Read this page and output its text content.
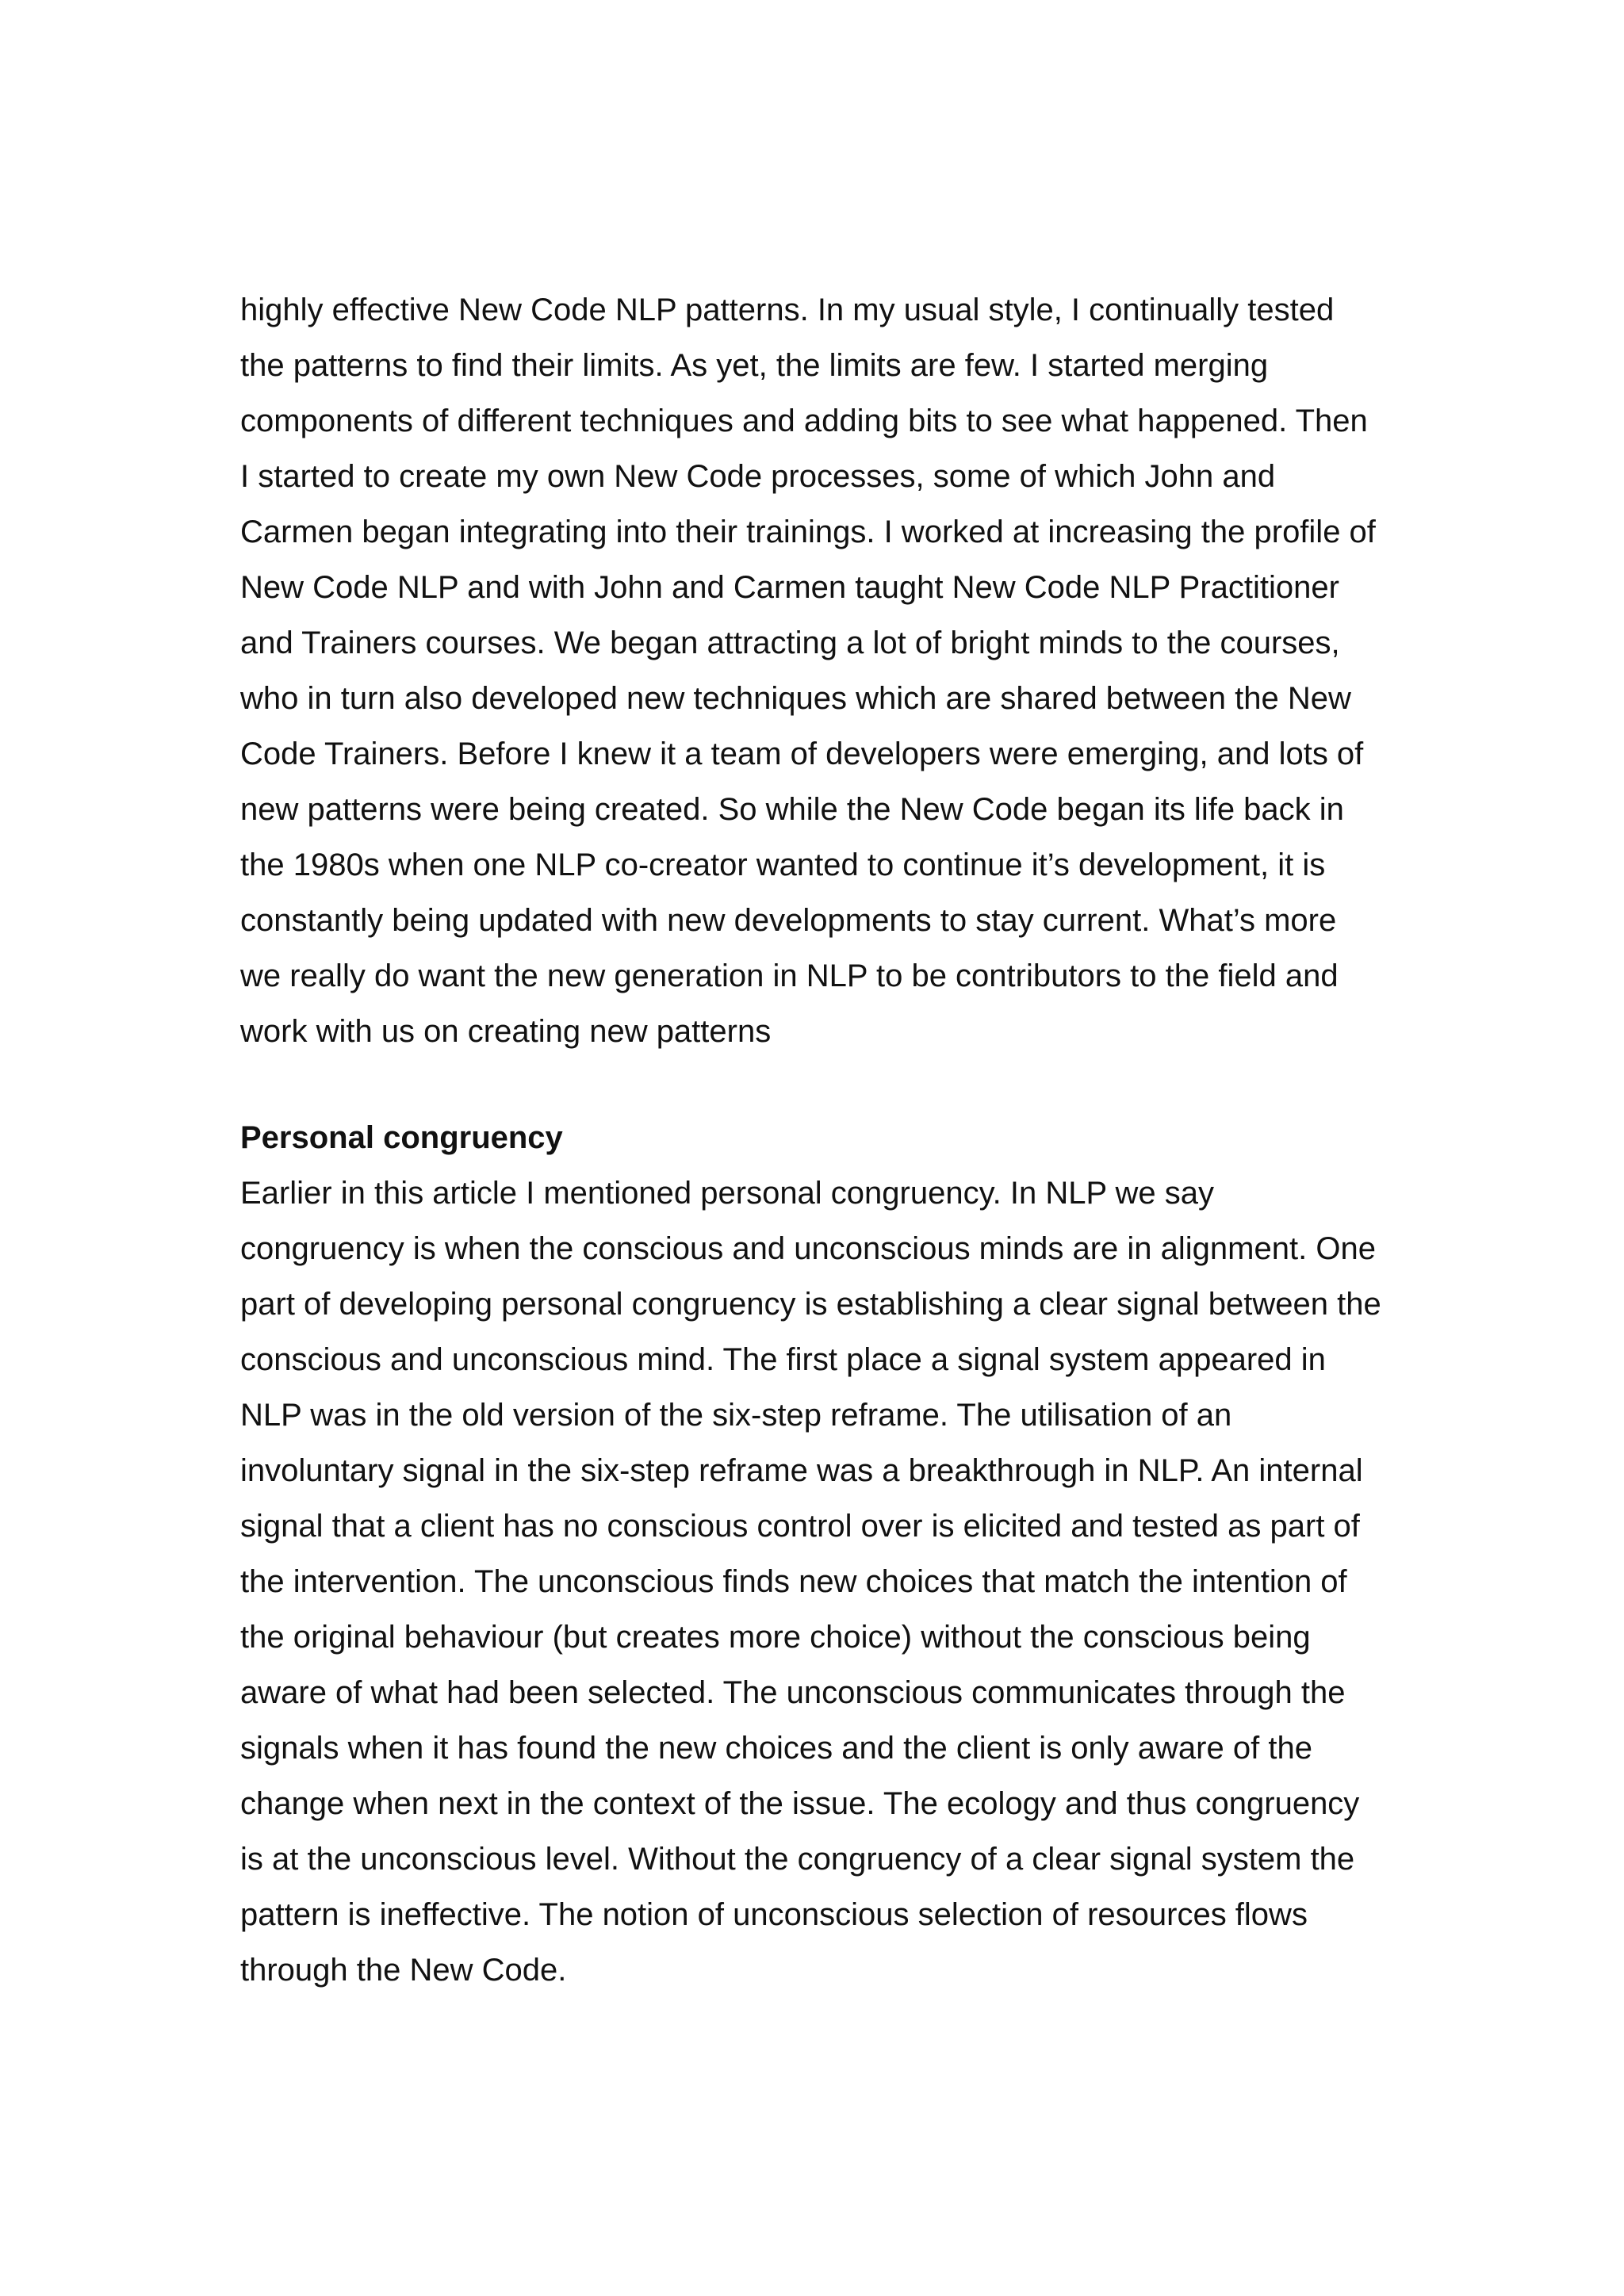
highly effective New Code NLP patterns. In my usual style, I continually tested
the patterns to find their limits. As yet, the limits are few. I started merging
components of different techniques and adding bits to see what happened. Then
I started to create my own New Code processes, some of which John and
Carmen began integrating into their trainings. I worked at increasing the profile of
New Code NLP and with John and Carmen taught New Code NLP Practitioner
and Trainers courses. We began attracting a lot of bright minds to the courses,
who in turn also developed new techniques which are shared between the New
Code Trainers. Before I knew it a team of developers were emerging, and lots of
new patterns were being created. So while the New Code began its life back in
the 1980s when one NLP co-creator wanted to continue it’s development, it is
constantly being updated with new developments to stay current. What’s more
we really do want the new generation in NLP to be contributors to the field and
work with us on creating new patterns
Personal congruency
Earlier in this article I mentioned personal congruency. In NLP we say
congruency is when the conscious and unconscious minds are in alignment. One
part of developing personal congruency is establishing a clear signal between the
conscious and unconscious mind. The first place a signal system appeared in
NLP was in the old version of the six-step reframe. The utilisation of an
involuntary signal in the six-step reframe was a breakthrough in NLP. An internal
signal that a client has no conscious control over is elicited and tested as part of
the intervention. The unconscious finds new choices that match the intention of
the original behaviour (but creates more choice) without the conscious being
aware of what had been selected. The unconscious communicates through the
signals when it has found the new choices and the client is only aware of the
change when next in the context of the issue. The ecology and thus congruency
is at the unconscious level. Without the congruency of a clear signal system the
pattern is ineffective. The notion of unconscious selection of resources flows
through the New Code.
